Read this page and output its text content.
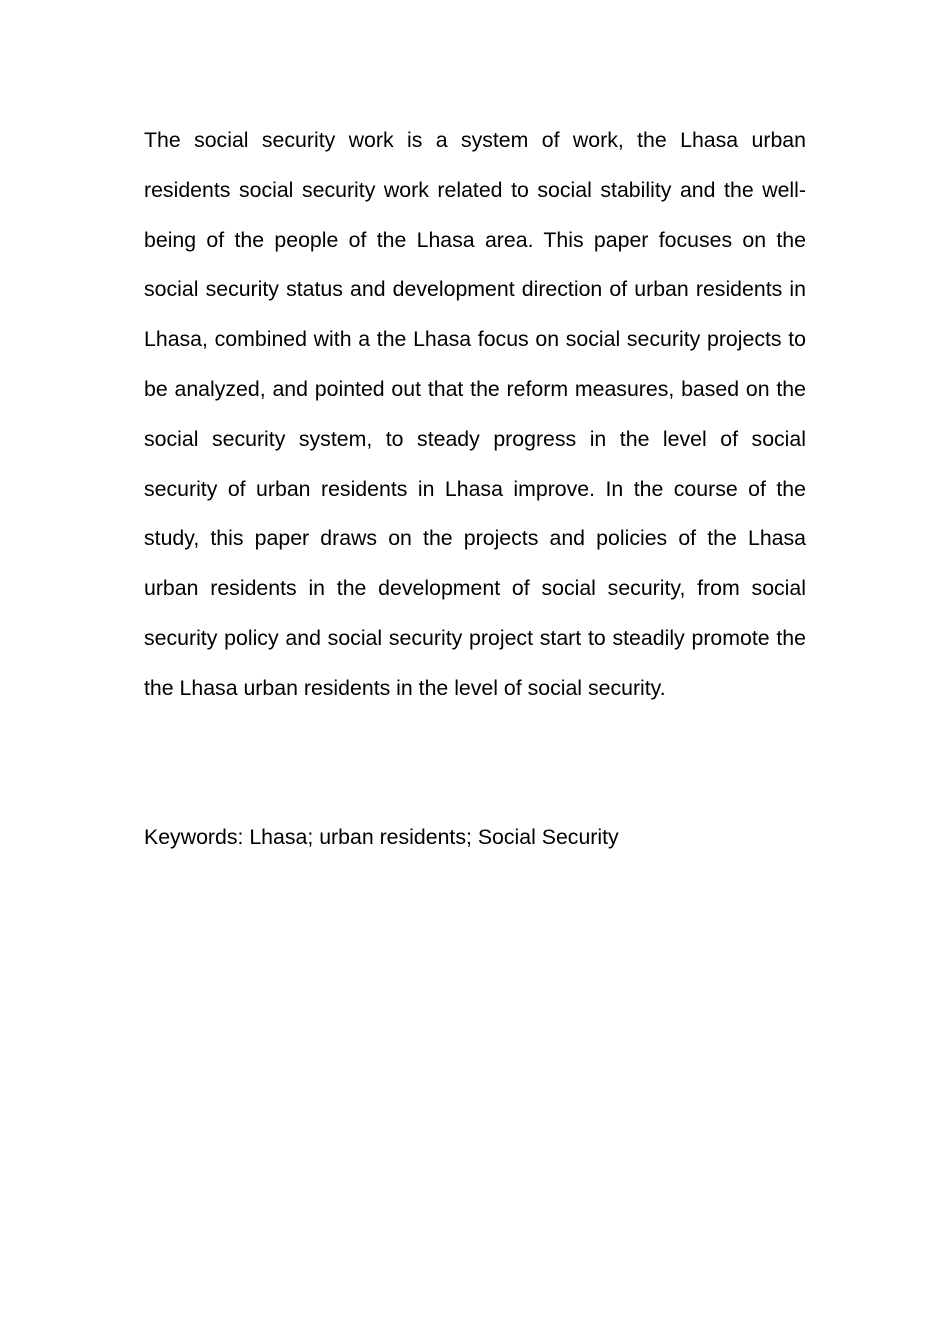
The social security work is a system of work, the Lhasa urban residents social security work related to social stability and the well-being of the people of the Lhasa area. This paper focuses on the social security status and development direction of urban residents in Lhasa, combined with a the Lhasa focus on social security projects to be analyzed, and pointed out that the reform measures, based on the social security system, to steady progress in the level of social security of urban residents in Lhasa improve. In the course of the study, this paper draws on the projects and policies of the Lhasa urban residents in the development of social security, from social security policy and social security project start to steadily promote the the Lhasa urban residents in the level of social security.

Keywords: Lhasa; urban residents; Social Security
